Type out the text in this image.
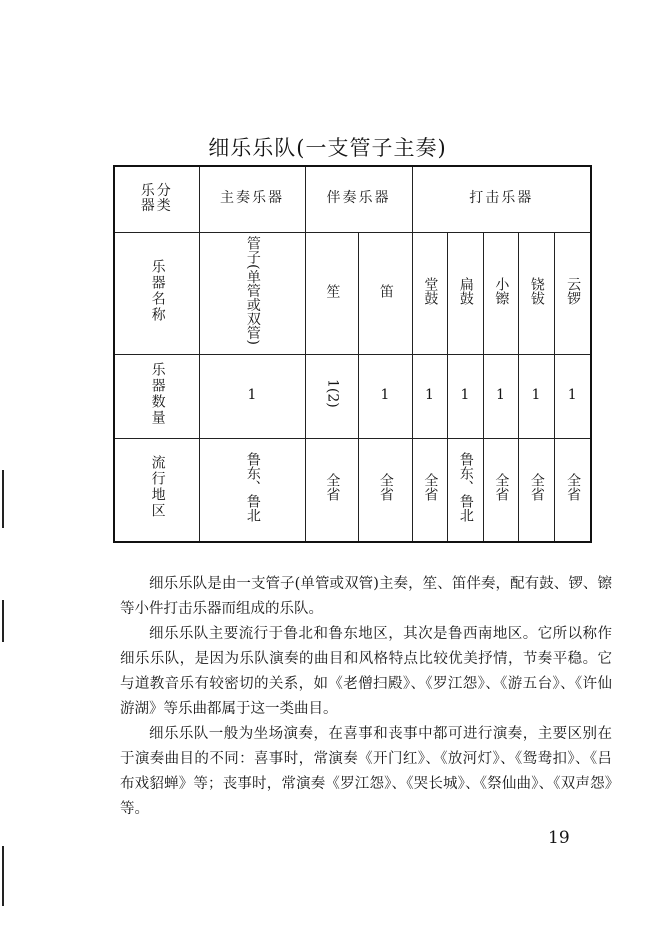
细乐乐队(一支管子主奏)
乐分
器类	主奏乐器	伴奏乐器		打击乐器				
乐器名称	管子(单管或双管)	笙	笛	堂鼓	扁鼓	小镲	铙钹	云锣
乐器数量	1	1(2)	1	1	1	1	1	1
流行地区	鲁东、鲁北	全省	全省	全省	鲁东、鲁北	全省	全省	全省

细乐乐队是由一支管子(单管或双管)主奏，笙、笛伴奏，配有鼓、锣、镲等小件打击乐器而组成的乐队。

细乐乐队主要流行于鲁北和鲁东地区，其次是鲁西南地区。它所以称作细乐乐队，是因为乐队演奏的曲目和风格特点比较优美抒情，节奏平稳。它与道教音乐有较密切的关系，如《老僧扫殿》、《罗江怨》、《游五台》、《许仙游湖》等乐曲都属于这一类曲目。

细乐乐队一般为坐场演奏，在喜事和丧事中都可进行演奏，主要区别在于演奏曲目的不同：喜事时，常演奏《开门红》、《放河灯》、《鸳鸯扣》、《吕布戏貂蝉》等；丧事时，常演奏《罗江怨》、《哭长城》、《祭仙曲》、《双声怨》等。

19
